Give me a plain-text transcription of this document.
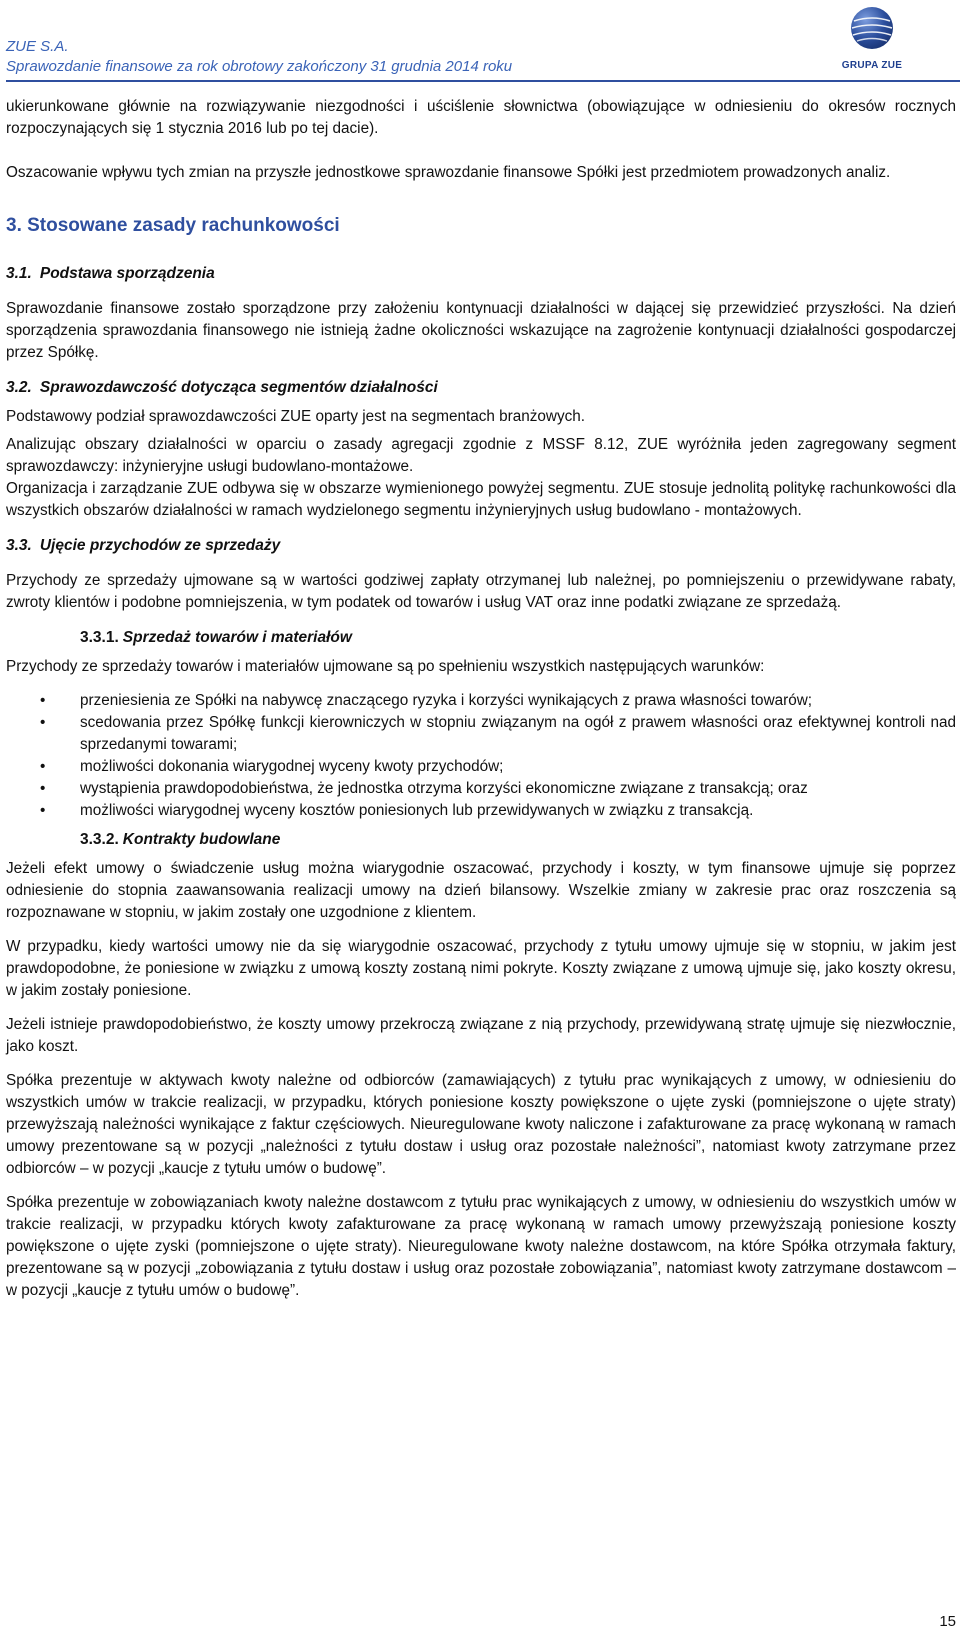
ZUE S.A.
Sprawozdanie finansowe za rok obrotowy zakończony 31 grudnia 2014 roku	GRUPA ZUE

ukierunkowane głównie na rozwiązywanie niezgodności i uściślenie słownictwa (obowiązujące w odniesieniu do okresów rocznych rozpoczynających się 1 stycznia 2016 lub po tej dacie).

Oszacowanie wpływu tych zmian na przyszłe jednostkowe sprawozdanie finansowe Spółki jest przedmiotem prowadzonych analiz.

3. Stosowane zasady rachunkowości
3.1. Podstawa sporządzenia

Sprawozdanie finansowe zostało sporządzone przy założeniu kontynuacji działalności w dającej się przewidzieć przyszłości. Na dzień sporządzenia sprawozdania finansowego nie istnieją żadne okoliczności wskazujące na zagrożenie kontynuacji działalności gospodarczej przez Spółkę.

3.2. Sprawozdawczość dotycząca segmentów działalności

Podstawowy podział sprawozdawczości ZUE oparty jest na segmentach branżowych.

Analizując obszary działalności w oparciu o zasady agregacji zgodnie z MSSF 8.12, ZUE wyróżniła jeden zagregowany segment sprawozdawczy: inżynieryjne usługi budowlano-montażowe.

Organizacja i zarządzanie ZUE odbywa się w obszarze wymienionego powyżej segmentu. ZUE stosuje jednolitą politykę rachunkowości dla wszystkich obszarów działalności w ramach wydzielonego segmentu inżynieryjnych usług budowlano - montażowych.

3.3. Ujęcie przychodów ze sprzedaży

Przychody ze sprzedaży ujmowane są w wartości godziwej zapłaty otrzymanej lub należnej, po pomniejszeniu o przewidywane rabaty, zwroty klientów i podobne pomniejszenia, w tym podatek od towarów i usług VAT oraz inne podatki związane ze sprzedażą.

3.3.1. Sprzedaż towarów i materiałów

Przychody ze sprzedaży towarów i materiałów ujmowane są po spełnieniu wszystkich następujących warunków:

• przeniesienia ze Spółki na nabywcę znaczącego ryzyka i korzyści wynikających z prawa własności towarów;
• scedowania przez Spółkę funkcji kierowniczych w stopniu związanym na ogół z prawem własności oraz efektywnej kontroli nad sprzedanymi towarami;
• możliwości dokonania wiarygodnej wyceny kwoty przychodów;
• wystąpienia prawdopodobieństwa, że jednostka otrzyma korzyści ekonomiczne związane z transakcją; oraz
• możliwości wiarygodnej wyceny kosztów poniesionych lub przewidywanych w związku z transakcją.
3.3.2. Kontrakty budowlane

Jeżeli efekt umowy o świadczenie usług można wiarygodnie oszacować, przychody i koszty, w tym finansowe ujmuje się poprzez odniesienie do stopnia zaawansowania realizacji umowy na dzień bilansowy. Wszelkie zmiany w zakresie prac oraz roszczenia są rozpoznawane w stopniu, w jakim zostały one uzgodnione z klientem.

W przypadku, kiedy wartości umowy nie da się wiarygodnie oszacować, przychody z tytułu umowy ujmuje się w stopniu, w jakim jest prawdopodobne, że poniesione w związku z umową koszty zostaną nimi pokryte. Koszty związane z umową ujmuje się, jako koszty okresu, w jakim zostały poniesione.

Jeżeli istnieje prawdopodobieństwo, że koszty umowy przekroczą związane z nią przychody, przewidywaną stratę ujmuje się niezwłocznie, jako koszt.

Spółka prezentuje w aktywach kwoty należne od odbiorców (zamawiających) z tytułu prac wynikających z umowy, w odniesieniu do wszystkich umów w trakcie realizacji, w przypadku, których poniesione koszty powiększone o ujęte zyski (pomniejszone o ujęte straty) przewyższają należności wynikające z faktur częściowych. Nieuregulowane kwoty naliczone i zafakturowane za pracę wykonaną w ramach umowy prezentowane są w pozycji „należności z tytułu dostaw i usług oraz pozostałe należności”, natomiast kwoty zatrzymane przez odbiorców – w pozycji „kaucje z tytułu umów o budowę”.

Spółka prezentuje w zobowiązaniach kwoty należne dostawcom z tytułu prac wynikających z umowy, w odniesieniu do wszystkich umów w trakcie realizacji, w przypadku których kwoty zafakturowane za pracę wykonaną w ramach umowy przewyższają poniesione koszty powiększone o ujęte zyski (pomniejszone o ujęte straty). Nieuregulowane kwoty należne dostawcom, na które Spółka otrzymała faktury, prezentowane są w pozycji „zobowiązania z tytułu dostaw i usług oraz pozostałe zobowiązania”, natomiast kwoty zatrzymane dostawcom – w pozycji „kaucje z tytułu umów o budowę”.

15
